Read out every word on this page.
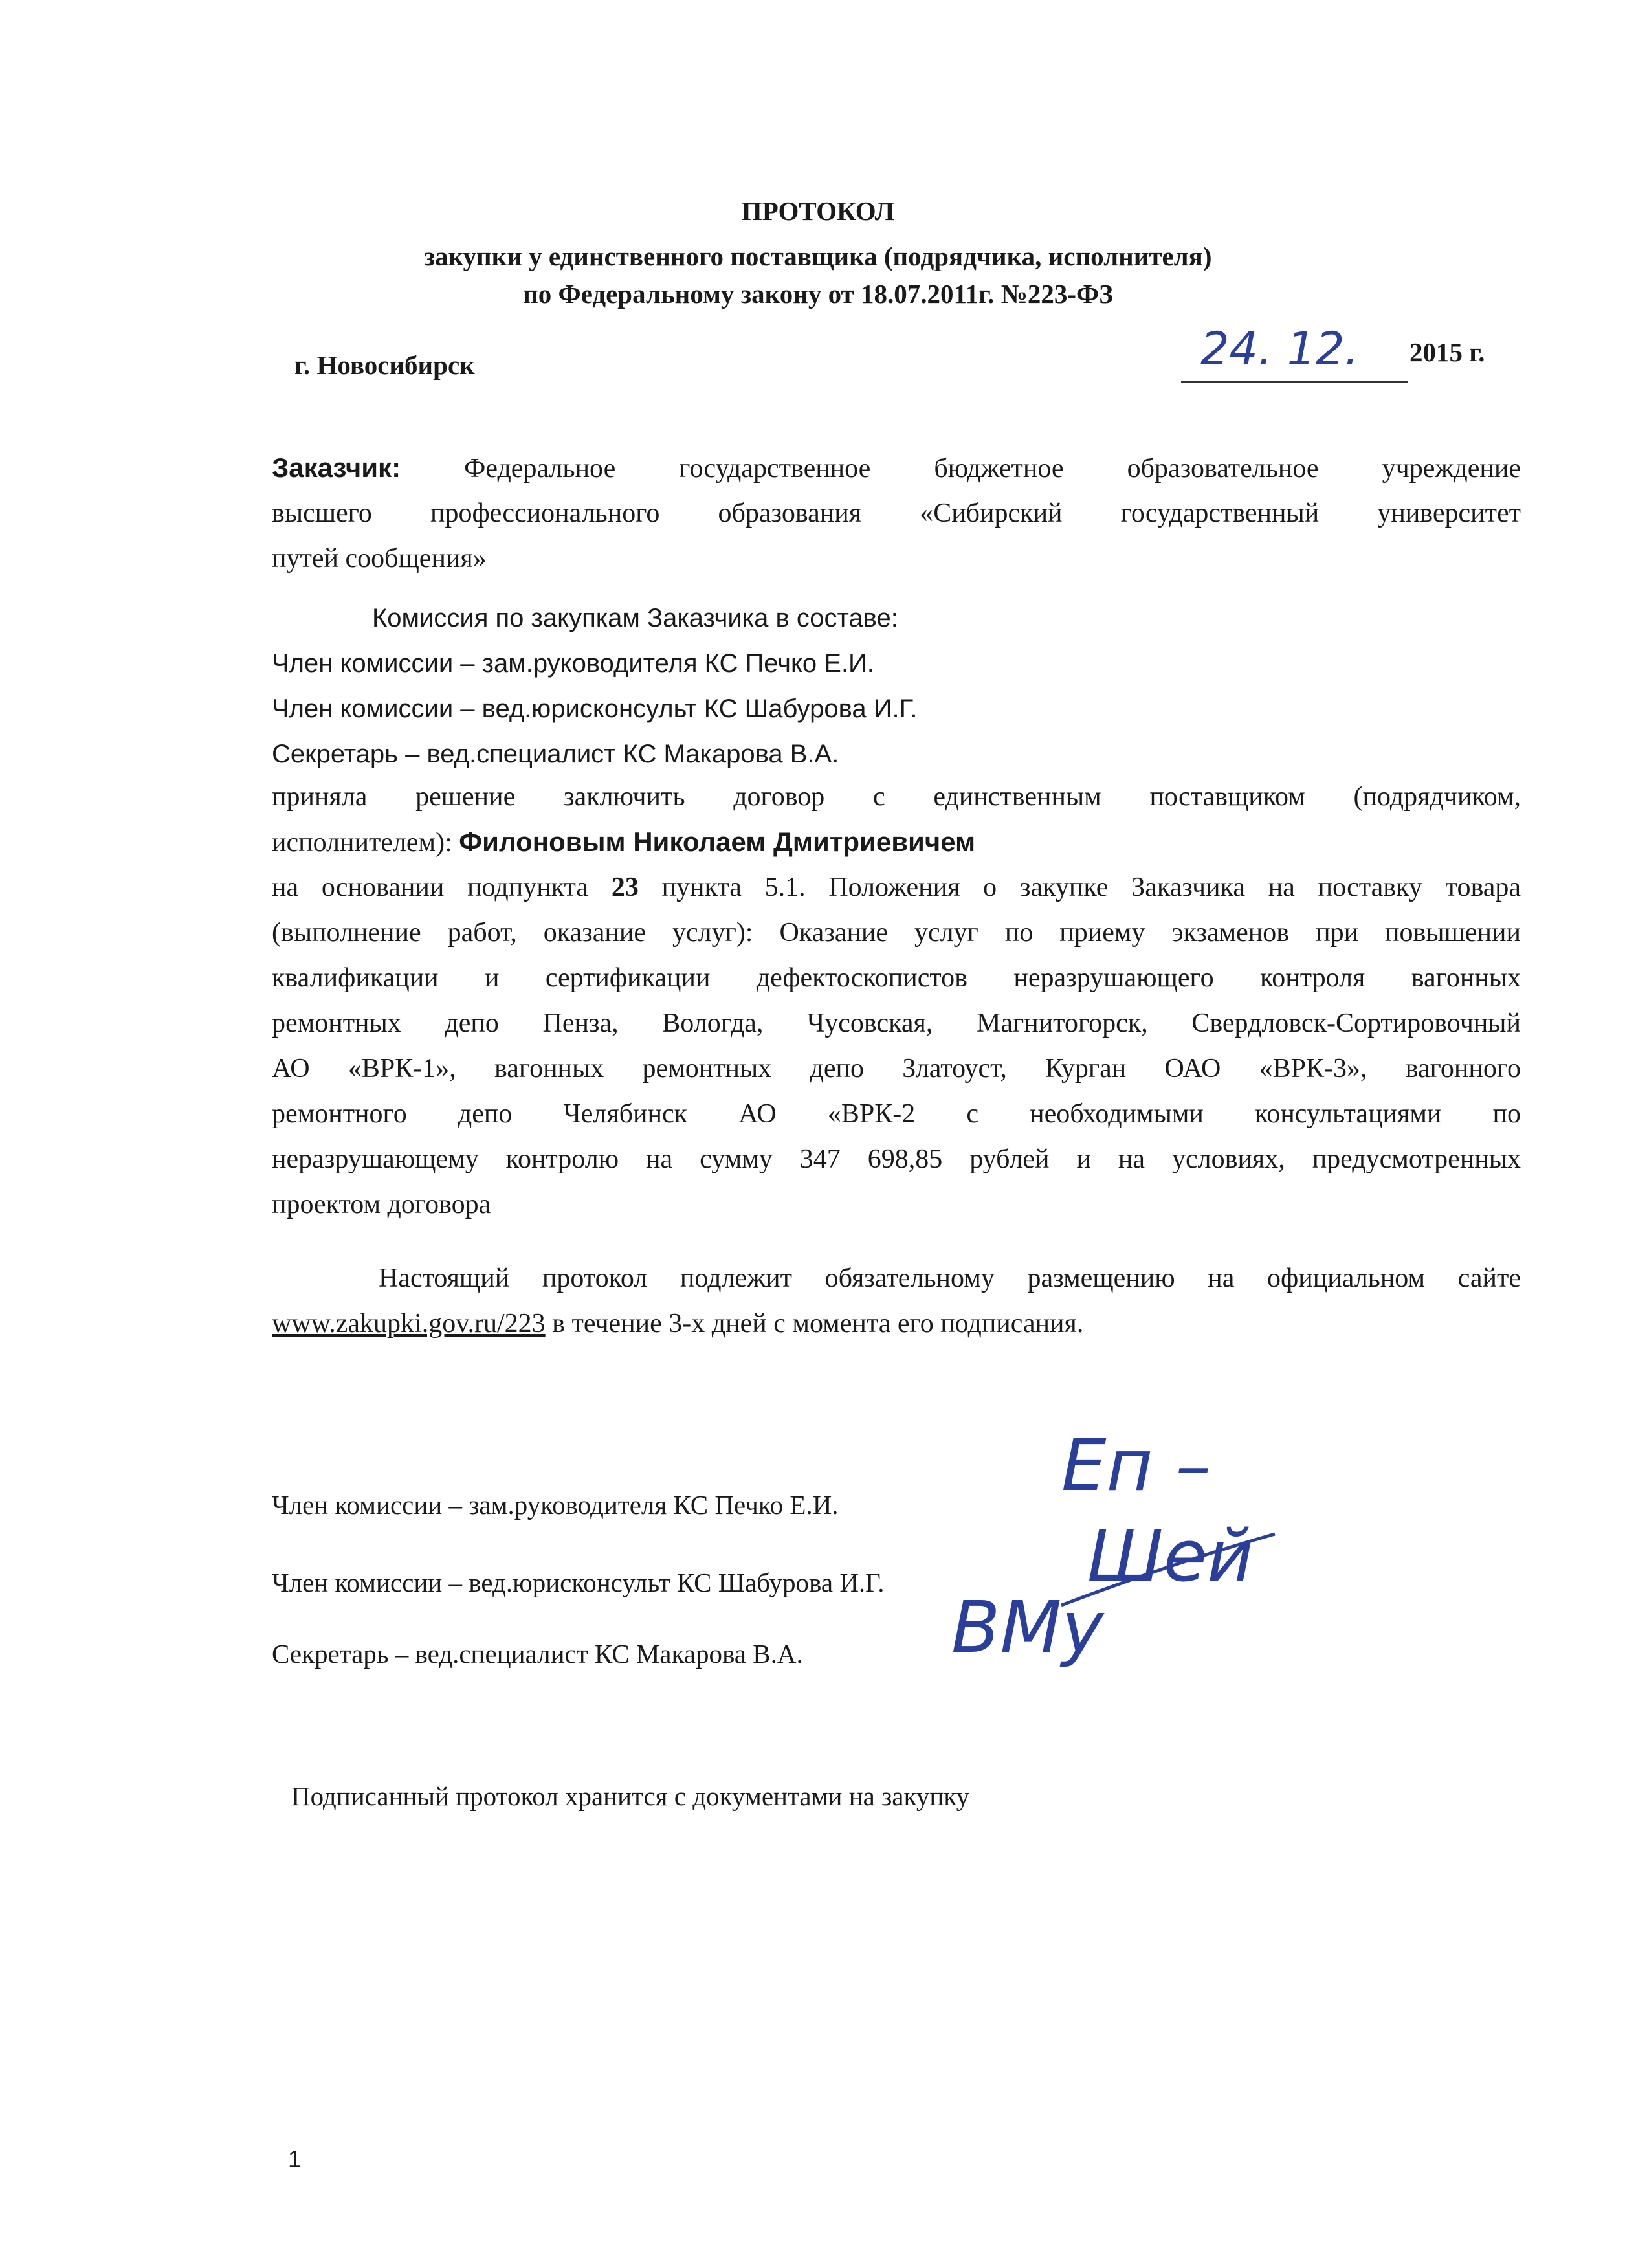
ПРОТОКОЛ
закупки у единственного поставщика (подрядчика, исполнителя)
по Федеральному закону от 18.07.2011г. №223-ФЗ
г. Новосибирск	24. 12. 2015 г.
Заказчик: Федеральное государственное бюджетное образовательное учреждение
высшего профессионального образования «Сибирский государственный университет
путей сообщения»
Комиссия по закупкам Заказчика в составе:
Член комиссии – зам.руководителя КС Печко Е.И.
Член комиссии – вед.юрисконсульт КС Шабурова И.Г.
Секретарь – вед.специалист КС Макарова В.А.
приняла решение заключить договор с единственным поставщиком (подрядчиком,
исполнителем): Филоновым Николаем Дмитриевичем
на основании подпункта 23 пункта 5.1. Положения о закупке Заказчика на поставку товара
(выполнение работ, оказание услуг): Оказание услуг по приему экзаменов при повышении
квалификации и сертификации дефектоскопистов неразрушающего контроля вагонных
ремонтных депо Пенза, Вологда, Чусовская, Магнитогорск, Свердловск-Сортировочный
АО «ВРК-1», вагонных ремонтных депо Златоуст, Курган ОАО «ВРК-3», вагонного
ремонтного депо Челябинск АО «ВРК-2 с необходимыми консультациями по
неразрушающему контролю на сумму 347 698,85 рублей и на условиях, предусмотренных
проектом договора
Настоящий протокол подлежит обязательному размещению на официальном сайте
www.zakupki.gov.ru/223 в течение 3-х дней с момента его подписания.
Член комиссии – зам.руководителя КС Печко Е.И.	Еп –
Член комиссии – вед.юрисконсульт КС Шабурова И.Г.	Шей
Секретарь – вед.специалист КС Макарова В.А.	ВМу
Подписанный протокол хранится с документами на закупку
1
